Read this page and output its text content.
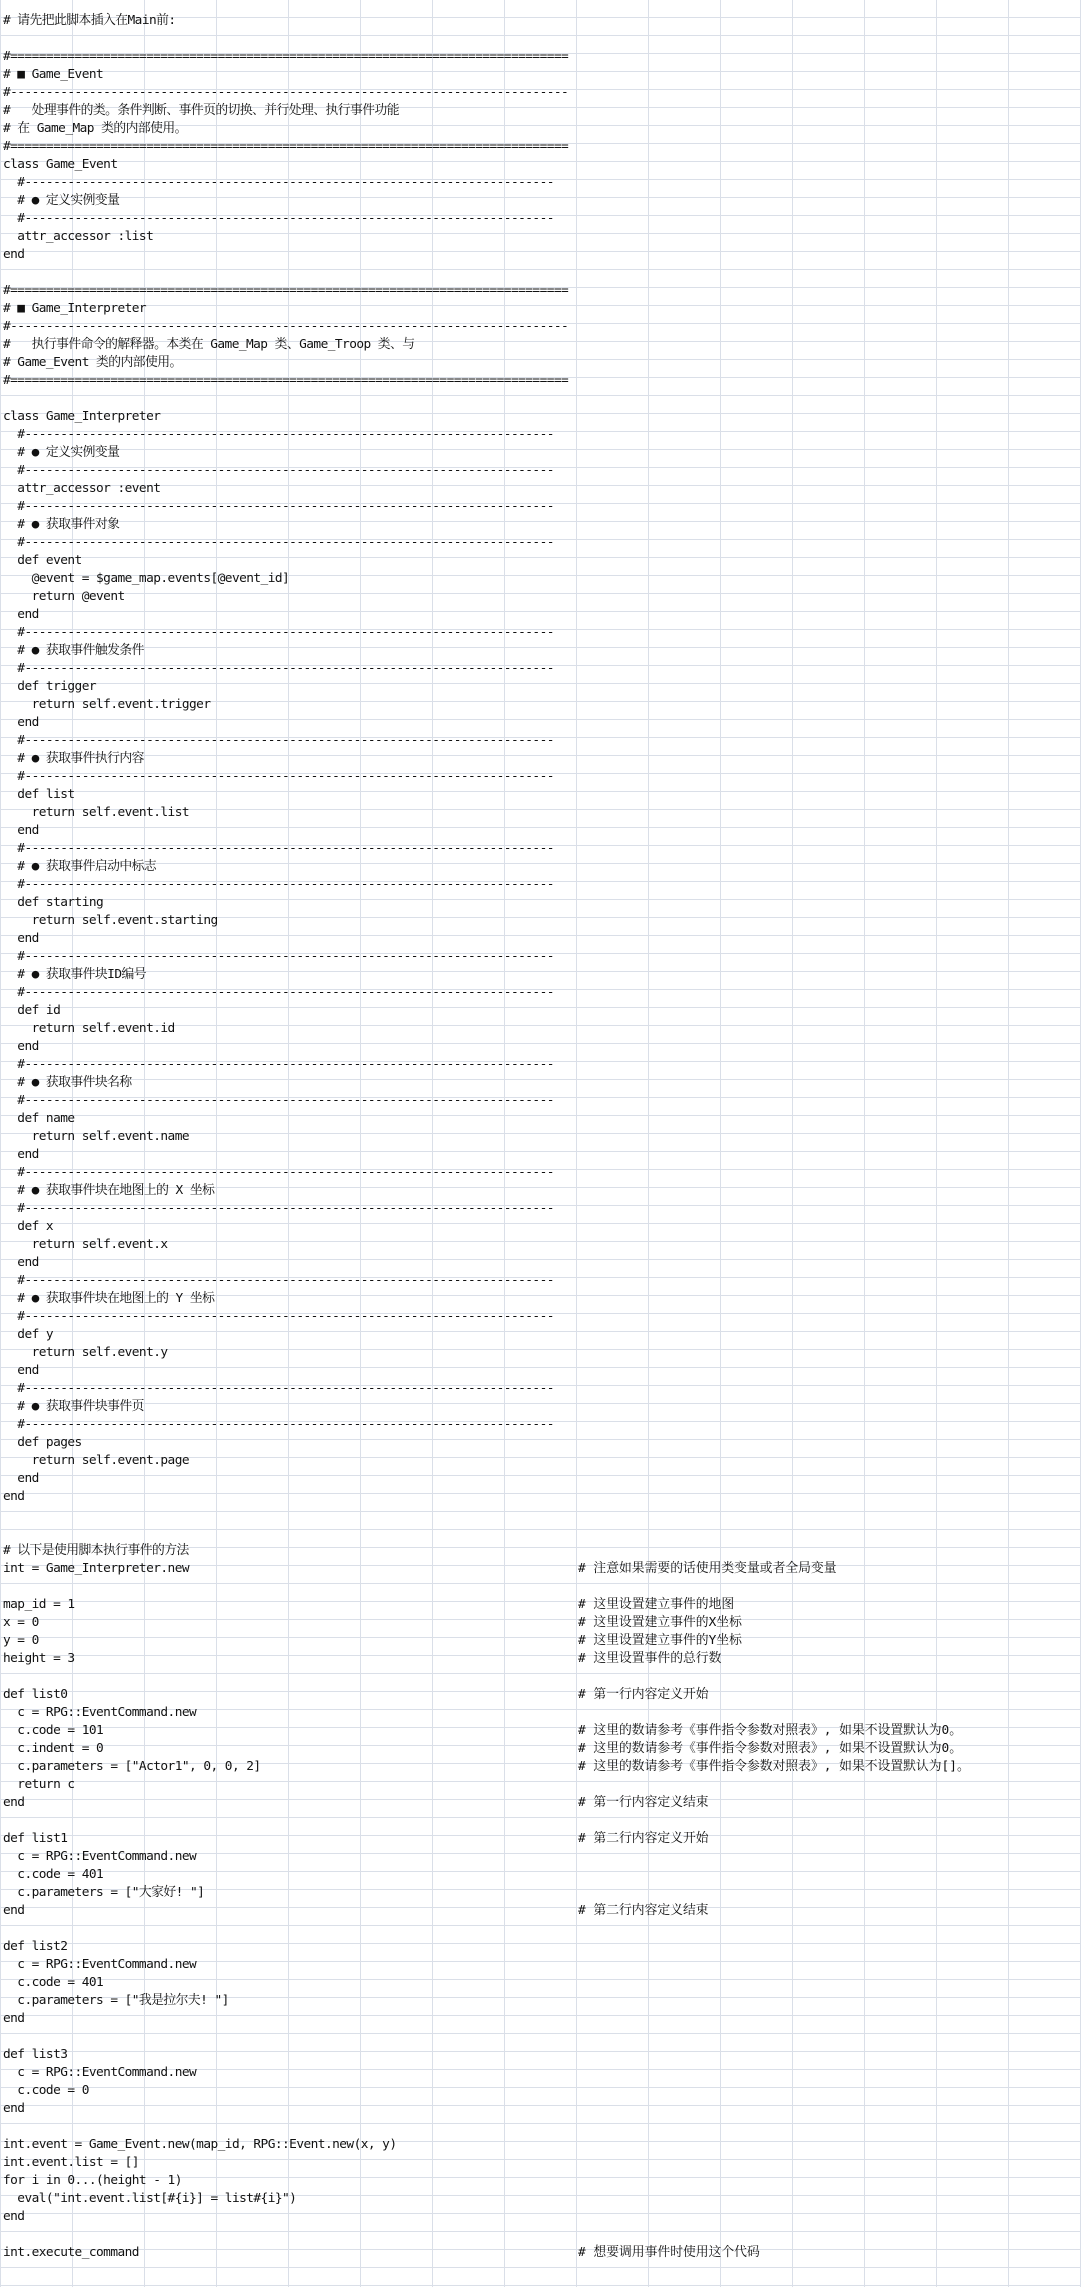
# 请先把此脚本插入在Main前:
#==============================================================================
# ■ Game_Event
#------------------------------------------------------------------------------
#   处理事件的类。条件判断、事件页的切换、并行处理、执行事件功能
# 在 Game_Map 类的内部使用。
#==============================================================================
class Game_Event
#--------------------------------------------------------------------------
# ● 定义实例变量
#--------------------------------------------------------------------------
attr_accessor :list
end
#==============================================================================
# ■ Game_Interpreter
#------------------------------------------------------------------------------
#   执行事件命令的解释器。本类在 Game_Map 类、Game_Troop 类、与
# Game_Event 类的内部使用。
#==============================================================================
class Game_Interpreter
#--------------------------------------------------------------------------
# ● 定义实例变量
#--------------------------------------------------------------------------
attr_accessor :event
#--------------------------------------------------------------------------
# ● 获取事件对象
#--------------------------------------------------------------------------
def event
@event = $game_map.events[@event_id]
return @event
end
#--------------------------------------------------------------------------
# ● 获取事件触发条件
#--------------------------------------------------------------------------
def trigger
return self.event.trigger
end
#--------------------------------------------------------------------------
# ● 获取事件执行内容
#--------------------------------------------------------------------------
def list
return self.event.list
end
#--------------------------------------------------------------------------
# ● 获取事件启动中标志
#--------------------------------------------------------------------------
def starting
return self.event.starting
end
#--------------------------------------------------------------------------
# ● 获取事件块ID编号
#--------------------------------------------------------------------------
def id
return self.event.id
end
#--------------------------------------------------------------------------
# ● 获取事件块名称
#--------------------------------------------------------------------------
def name
return self.event.name
end
#--------------------------------------------------------------------------
# ● 获取事件块在地图上的 X 坐标
#--------------------------------------------------------------------------
def x
return self.event.x
end
#--------------------------------------------------------------------------
# ● 获取事件块在地图上的 Y 坐标
#--------------------------------------------------------------------------
def y
return self.event.y
end
#--------------------------------------------------------------------------
# ● 获取事件块事件页
#--------------------------------------------------------------------------
def pages
return self.event.page
end
end
# 以下是使用脚本执行事件的方法
int = Game_Interpreter.new	# 注意如果需要的话使用类变量或者全局变量
map_id = 1	# 这里设置建立事件的地图
x = 0	# 这里设置建立事件的X坐标
y = 0	# 这里设置建立事件的Y坐标
height = 3	# 这里设置事件的总行数
def list0	# 第一行内容定义开始
c = RPG::EventCommand.new
c.code = 101	# 这里的数请参考《事件指令参数对照表》, 如果不设置默认为0。
c.indent = 0	# 这里的数请参考《事件指令参数对照表》, 如果不设置默认为0。
c.parameters = ["Actor1", 0, 0, 2]	# 这里的数请参考《事件指令参数对照表》, 如果不设置默认为[]。
return c
end	# 第一行内容定义结束
def list1	# 第二行内容定义开始
c = RPG::EventCommand.new
c.code = 401
c.parameters = ["大家好! "]
end	# 第二行内容定义结束
def list2
c = RPG::EventCommand.new
c.code = 401
c.parameters = ["我是拉尔夫! "]
end
def list3
c = RPG::EventCommand.new
c.code = 0
end
int.event = Game_Event.new(map_id, RPG::Event.new(x, y)
int.event.list = []
for i in 0...(height - 1)
eval("int.event.list[#{i}] = list#{i}")
end
int.execute_command	# 想要调用事件时使用这个代码
